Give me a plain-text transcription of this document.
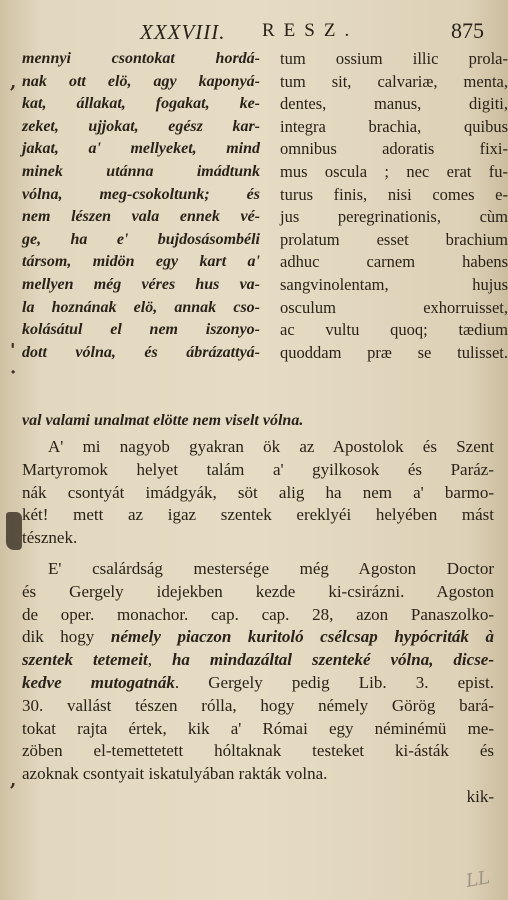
XXXVIII. RESZ.	875
mennyi csontokat hordá-
nak ott elö, agy kaponyá-
kat, állakat, fogakat, ke-
zeket, ujjokat, egész kar-
jakat, a' mellyeket, mind
minek utánna imádtunk
vólna, meg-csokoltunk; és
nem lészen vala ennek vé-
ge, ha e' bujdosásombéli
társom, midön egy kart a'
mellyen még véres hus va-
la hoznának elö, annak cso-
kolásátul el nem iszonyo-
dott vólna, és ábrázattyá-
tum ossium illic prola-
tum sit, calvariæ, menta,
dentes, manus, digiti,
integra brachia, quibus
omnibus adoratis fixi-
mus oscula ; nec erat fu-
turus finis, nisi comes e-
jus peregrinationis, cùm
prolatum esset brachium
adhuc carnem habens
sangvinolentam, hujus
osculum exhorruisset,
ac vultu quoq; tædium
quoddam præ se tulisset.
val valami unalmat elötte nem viselt vólna.
A' mi nagyob gyakran ök az Apostolok és Szent
Martyromok helyet talám a' gyilkosok és Paráz-
nák csontyát imádgyák, söt alig ha nem a' barmo-
két! mett az igaz szentek ereklyéi helyében mást
tésznek.
E' csalárdság mestersége még Agoston Doctor
és Gergely idejekben kezde ki-csirázni. Agoston
de oper. monachor. cap. cap. 28, azon Panaszolko-
dik hogy némely piaczon kuritoló csélcsap hypócriták à
szentek tetemeit, ha mindazáltal szenteké vólna, dicse-
kedve mutogatnák. Gergely pedig Lib. 3. epist.
30. vallást tészen rólla, hogy némely Görög bará-
tokat rajta értek, kik a' Római egy néminémü me-
zöben el-temettetett hóltaknak testeket ki-ásták és
azoknak csontyait iskatulyában rakták volna.
kik-
,
'
·
,
LL
